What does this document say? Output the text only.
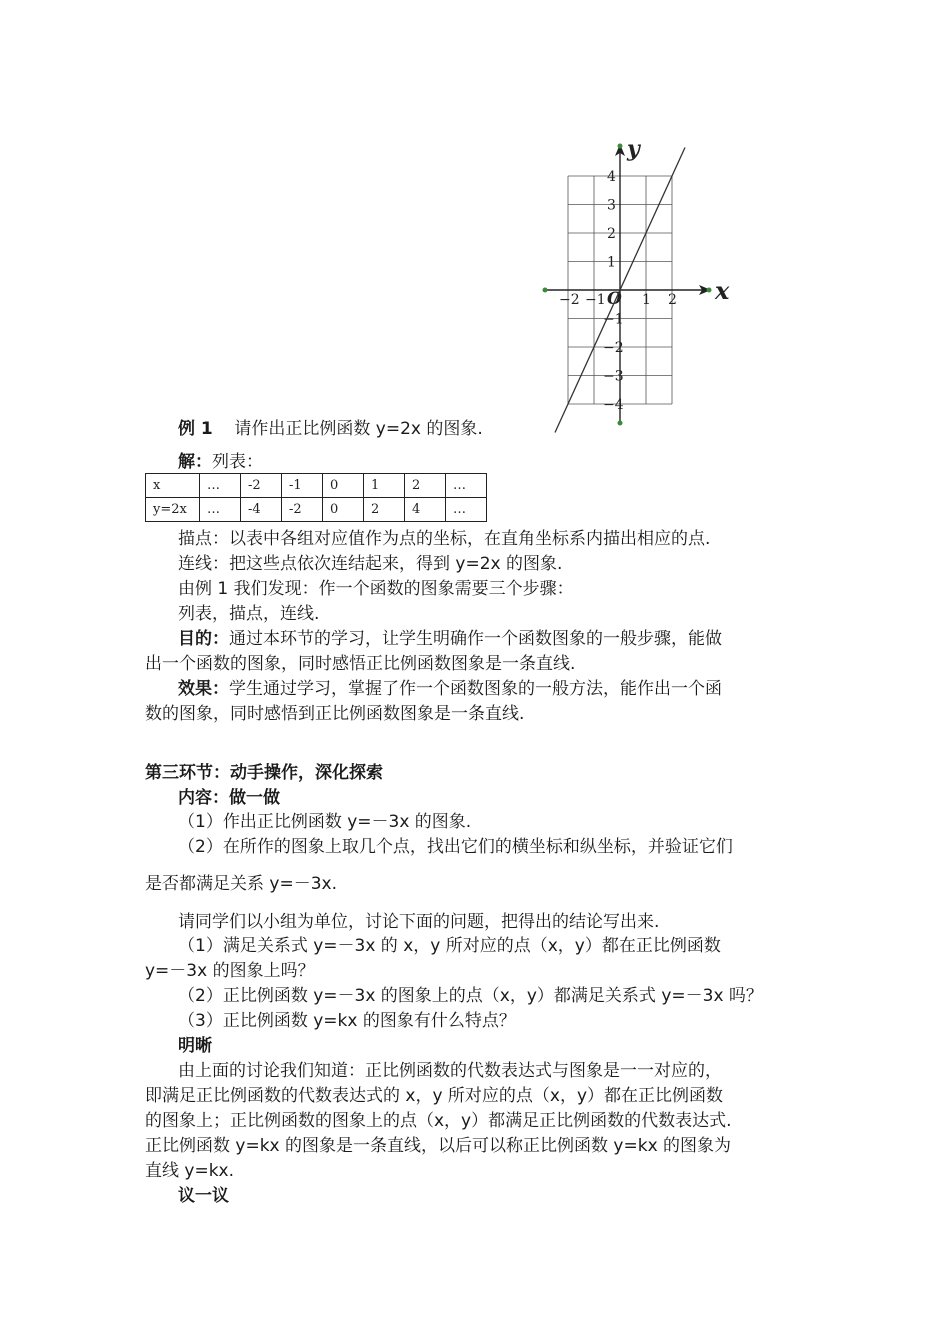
y
x
O
−2 −1	1 2
4
3
2
1
−1
−2
−3
−4
例 1 请作出正比例函数 y=2x 的图象.
解：列表：
x	…	-2	-1	0	1	2	…
y=2x	…	-4	-2	0	2	4	…
描点：以表中各组对应值作为点的坐标，在直角坐标系内描出相应的点.
连线：把这些点依次连结起来，得到 y=2x 的图象.
由例 1 我们发现：作一个函数的图象需要三个步骤：
列表，描点，连线.
目的：通过本环节的学习，让学生明确作一个函数图象的一般步骤，能做
出一个函数的图象，同时感悟正比例函数图象是一条直线.
效果：学生通过学习，掌握了作一个函数图象的一般方法，能作出一个函
数的图象，同时感悟到正比例函数图象是一条直线.
第三环节：动手操作，深化探索
内容：做一做
（1）作出正比例函数 y=－3x 的图象.
（2）在所作的图象上取几个点，找出它们的横坐标和纵坐标，并验证它们
是否都满足关系 y=－3x.
请同学们以小组为单位，讨论下面的问题，把得出的结论写出来.
（1）满足关系式 y=－3x 的 x，y 所对应的点（x，y）都在正比例函数
y=－3x 的图象上吗？
（2）正比例函数 y=－3x 的图象上的点（x，y）都满足关系式 y=－3x 吗？
（3）正比例函数 y=kx 的图象有什么特点？
明晰
由上面的讨论我们知道：正比例函数的代数表达式与图象是一一对应的，
即满足正比例函数的代数表达式的 x，y 所对应的点（x，y）都在正比例函数
的图象上；正比例函数的图象上的点（x，y）都满足正比例函数的代数表达式.
正比例函数 y=kx 的图象是一条直线，以后可以称正比例函数 y=kx 的图象为
直线 y=kx.
议一议
